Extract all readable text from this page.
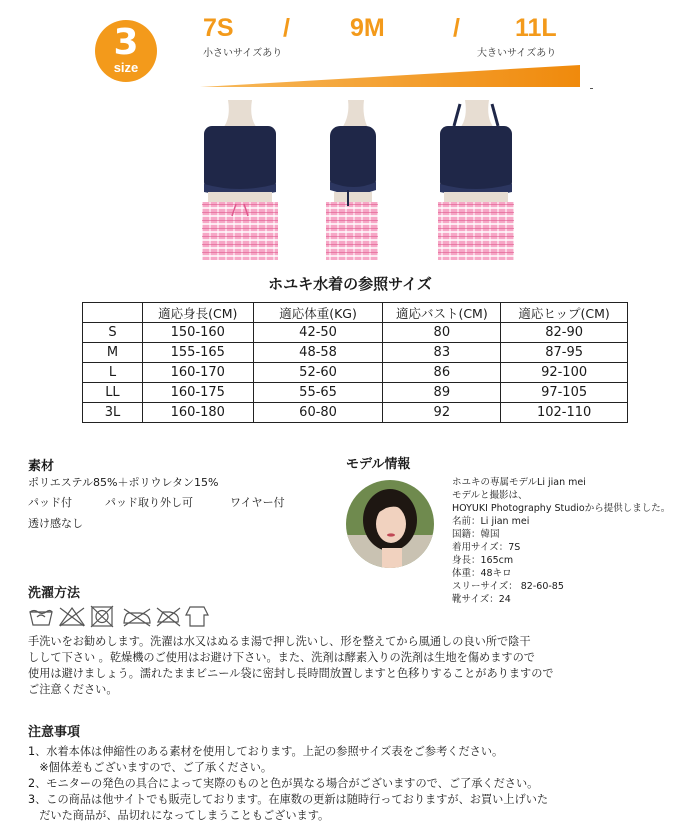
3
size
7S / 9M	/ 11L
小さいサイズあり	大きいサイズあり
ホユキ水着の参照サイズ
	適応身長(CM)	適応体重(KG)	適応バスト(CM)	適応ヒップ(CM)
S	150-160	42-50	80	82-90
M	155-165	48-58	83	87-95
L	160-170	52-60	86	92-100
LL	160-175	55-65	89	97-105
3L	160-180	60-80	92	102-110
素材
ポリエステル85%＋ポリウレタン15%
パッド付	パッド取り外し可	ワイヤー付
透け感なし
モデル情報
ホユキの専属モデルLi jian mei
モデルと撮影は、
HOYUKI Photography Studioから提供しました。
名前：Li jian mei
国籍：韓国
着用サイズ：7S
身長：165cm
体重：48キロ
スリーサイズ： 82-60-85
靴サイズ：24
洗濯方法
手洗いをお勧めします。洗濯は水又はぬるま湯で押し洗いし、形を整えてから風通しの良い所で陰干
しして下さい 。乾燥機のご使用はお避け下さい。また、洗剤は酵素入りの洗剤は生地を傷めますので
使用は避けましょう。濡れたままビニール袋に密封し長時間放置しますと色移りすることがありますので
ご注意ください。
注意事項
1、水着本体は伸縮性のある素材を使用しております。上記の参照サイズ表をご参考ください。
　※個体差もございますので、ご了承ください。
2、モニターの発色の具合によって実際のものと色が異なる場合がございますので、ご了承ください。
3、この商品は他サイトでも販売しております。在庫数の更新は随時行っておりますが、お買い上げいた
　だいた商品が、品切れになってしまうこともございます。
